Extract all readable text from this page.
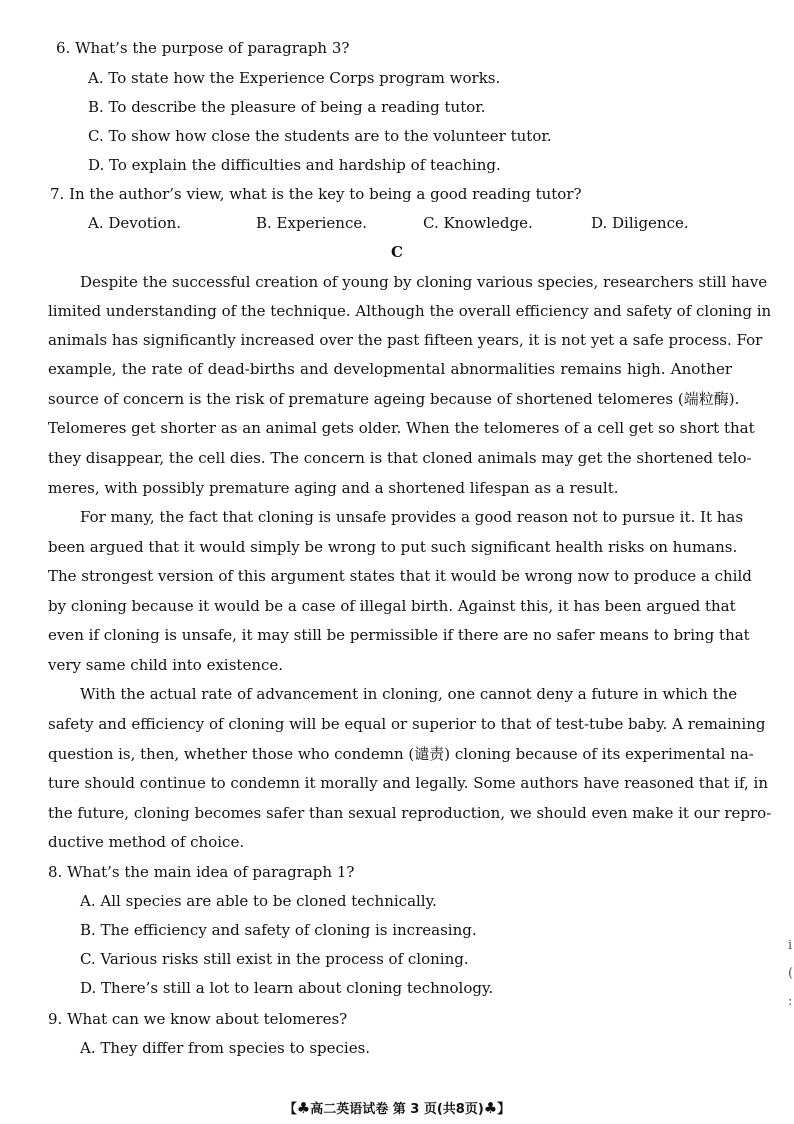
6. What’s the purpose of paragraph 3?
A. To state how the Experience Corps program works.
B. To describe the pleasure of being a reading tutor.
C. To show how close the students are to the volunteer tutor.
D. To explain the difficulties and hardship of teaching.
7. In the author’s view, what is the key to being a good reading tutor?
A. Devotion.	B. Experience.	C. Knowledge.	D. Diligence.
C
Despite the successful creation of young by cloning various species, researchers still have
limited understanding of the technique. Although the overall efficiency and safety of cloning in
animals has significantly increased over the past fifteen years, it is not yet a safe process. For
example, the rate of dead-births and developmental abnormalities remains high. Another
source of concern is the risk of premature ageing because of shortened telomeres (端粒酶).
Telomeres get shorter as an animal gets older. When the telomeres of a cell get so short that
they disappear, the cell dies. The concern is that cloned animals may get the shortened telo-
meres, with possibly premature aging and a shortened lifespan as a result.
For many, the fact that cloning is unsafe provides a good reason not to pursue it. It has
been argued that it would simply be wrong to put such significant health risks on humans.
The strongest version of this argument states that it would be wrong now to produce a child
by cloning because it would be a case of illegal birth. Against this, it has been argued that
even if cloning is unsafe, it may still be permissible if there are no safer means to bring that
very same child into existence.
With the actual rate of advancement in cloning, one cannot deny a future in which the
safety and efficiency of cloning will be equal or superior to that of test-tube baby. A remaining
question is, then, whether those who condemn (谴责) cloning because of its experimental na-
ture should continue to condemn it morally and legally. Some authors have reasoned that if, in
the future, cloning becomes safer than sexual reproduction, we should even make it our repro-
ductive method of choice.
8. What’s the main idea of paragraph 1?
A. All species are able to be cloned technically.
B. The efficiency and safety of cloning is increasing.
C. Various risks still exist in the process of cloning.
D. There’s still a lot to learn about cloning technology.
9. What can we know about telomeres?
A. They differ from species to species.
i
(
:
【♣高二英语试卷 第 3 页(共8页)♣】
